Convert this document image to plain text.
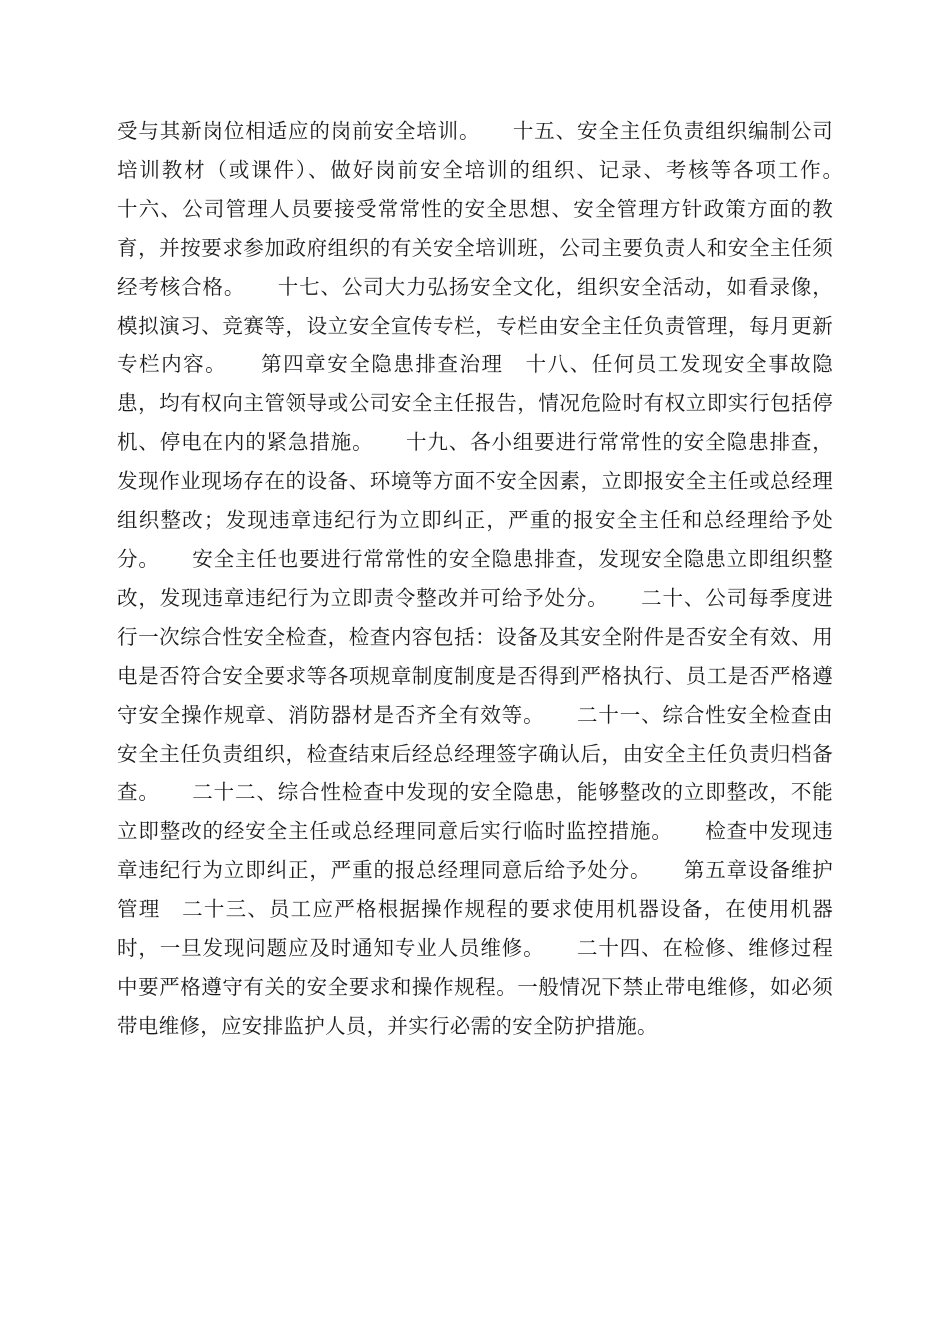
受与其新岗位相适应的岗前安全培训。　　十五、安全主任负责组织编制公司培训教材（或课件）、做好岗前安全培训的组织、记录、考核等各项工作。　　十六、公司管理人员要接受常常性的安全思想、安全管理方针政策方面的教育，并按要求参加政府组织的有关安全培训班，公司主要负责人和安全主任须经考核合格。　　十七、公司大力弘扬安全文化，组织安全活动，如看录像，模拟演习、竞赛等，设立安全宣传专栏，专栏由安全主任负责管理，每月更新专栏内容。　　第四章安全隐患排查治理　十八、任何员工发现安全事故隐患，均有权向主管领导或公司安全主任报告，情况危险时有权立即实行包括停机、停电在内的紧急措施。　　十九、各小组要进行常常性的安全隐患排查，发现作业现场存在的设备、环境等方面不安全因素，立即报安全主任或总经理组织整改；发现违章违纪行为立即纠正，严重的报安全主任和总经理给予处分。　　安全主任也要进行常常性的安全隐患排查，发现安全隐患立即组织整改，发现违章违纪行为立即责令整改并可给予处分。　　二十、公司每季度进行一次综合性安全检查，检查内容包括：设备及其安全附件是否安全有效、用电是否符合安全要求等各项规章制度制度是否得到严格执行、员工是否严格遵守安全操作规章、消防器材是否齐全有效等。　　二十一、综合性安全检查由安全主任负责组织，检查结束后经总经理签字确认后，由安全主任负责归档备查。　　二十二、综合性检查中发现的安全隐患，能够整改的立即整改，不能立即整改的经安全主任或总经理同意后实行临时监控措施。　　检查中发现违章违纪行为立即纠正，严重的报总经理同意后给予处分。　　第五章设备维护管理　二十三、员工应严格根据操作规程的要求使用机器设备，在使用机器时，一旦发现问题应及时通知专业人员维修。　　二十四、在检修、维修过程中要严格遵守有关的安全要求和操作规程。一般情况下禁止带电维修，如必须带电维修，应安排监护人员，并实行必需的安全防护措施。
